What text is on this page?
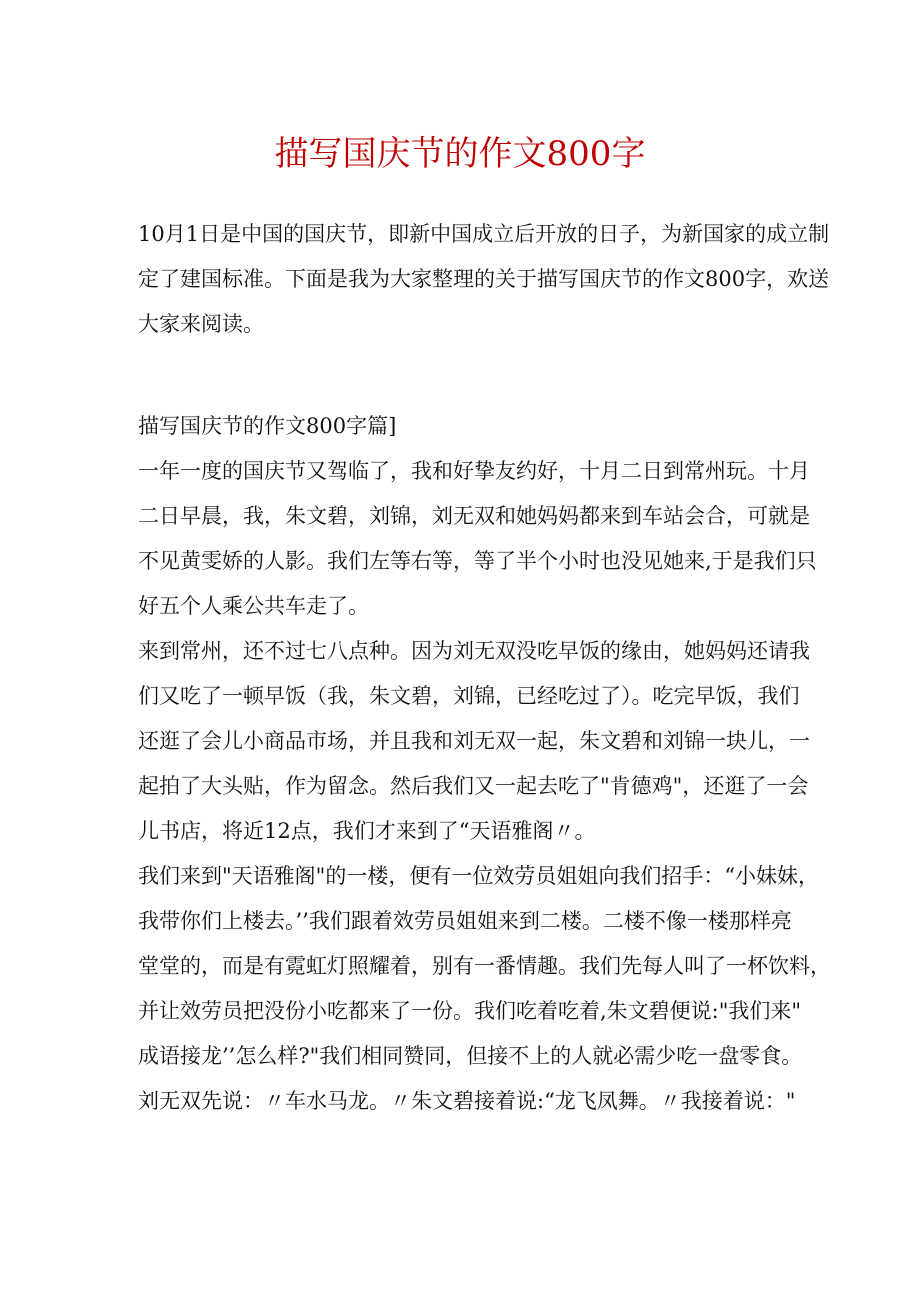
描写国庆节的作文800字
10月1日是中国的国庆节，即新中国成立后开放的日子，为新国家的成立制
定了建国标准。下面是我为大家整理的关于描写国庆节的作文800字，欢送
大家来阅读。
描写国庆节的作文800字篇]
一年一度的国庆节又驾临了，我和好挚友约好，十月二日到常州玩。十月
二日早晨，我，朱文碧，刘锦，刘无双和她妈妈都来到车站会合，可就是
不见黄雯娇的人影。我们左等右等，等了半个小时也没见她来,于是我们只
好五个人乘公共车走了。
来到常州，还不过七八点种。因为刘无双没吃早饭的缘由，她妈妈还请我
们又吃了一顿早饭（我，朱文碧，刘锦，已经吃过了）。吃完早饭，我们
还逛了会儿小商品市场，并且我和刘无双一起，朱文碧和刘锦一块儿，一
起拍了大头贴，作为留念。然后我们又一起去吃了"肯德鸡"，还逛了一会
儿书店，将近12点，我们才来到了“天语雅阁〃。
我们来到"天语雅阁"的一楼，便有一位效劳员姐姐向我们招手：“小妹妹，
我带你们上楼去。’’我们跟着效劳员姐姐来到二楼。二楼不像一楼那样亮
堂堂的，而是有霓虹灯照耀着，别有一番情趣。我们先每人叫了一杯饮料，
并让效劳员把没份小吃都来了一份。我们吃着吃着,朱文碧便说:"我们来"
成语接龙’’怎么样?"我们相同赞同，但接不上的人就必需少吃一盘零食。
刘无双先说：〃车水马龙。〃朱文碧接着说:“龙飞凤舞。〃我接着说："
